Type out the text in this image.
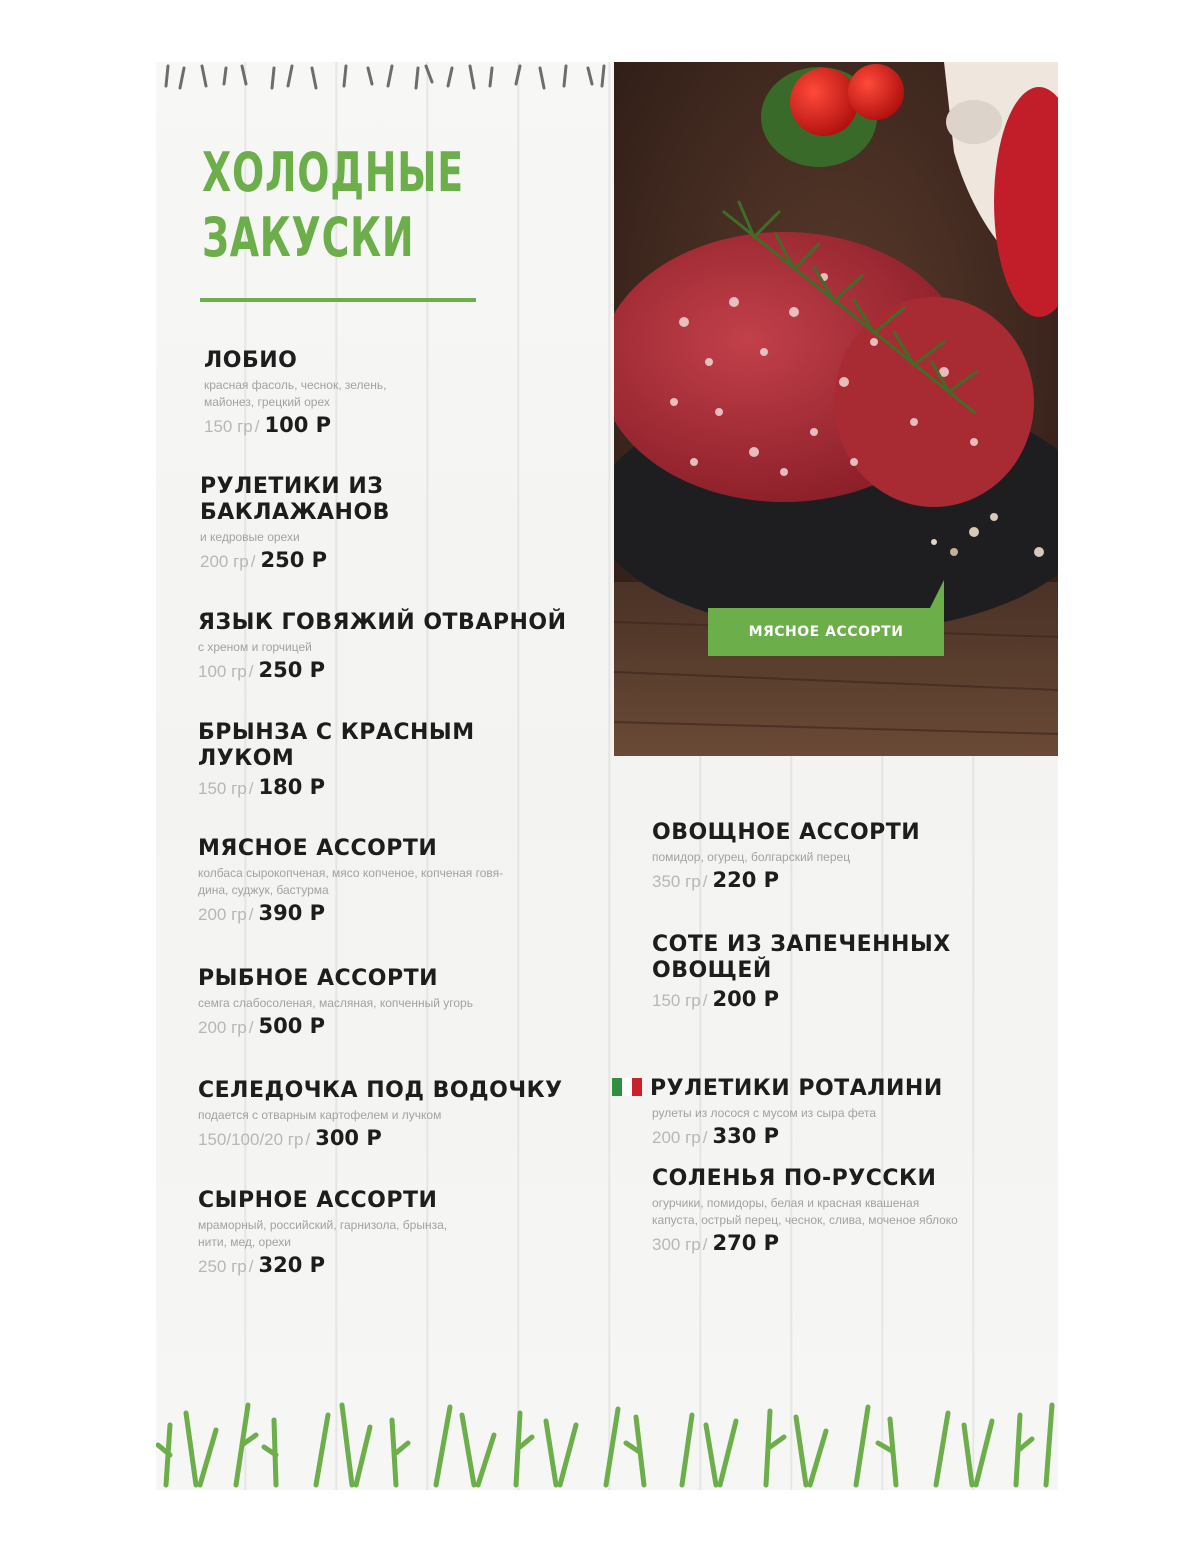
ХОЛОДНЫЕ
ЗАКУСКИ
ЛОБИО
красная фасоль, чеснок, зелень,
майонез, грецкий орех
150 гр / 100 Р
РУЛЕТИКИ ИЗ
БАКЛАЖАНОВ
и кедровые орехи
200 гр / 250 Р
ЯЗЫК ГОВЯЖИЙ ОТВАРНОЙ
с хреном и горчицей
100 гр / 250 Р
БРЫНЗА С КРАСНЫМ
ЛУКОМ
150 гр / 180 Р
МЯСНОЕ АССОРТИ
колбаса сырокопченая, мясо копченое, копченая говя-
дина, суджук, бастурма
200 гр / 390 Р
РЫБНОЕ АССОРТИ
семга слабосоленая, масляная, копченный угорь
200 гр / 500 Р
СЕЛЕДОЧКА ПОД ВОДОЧКУ
подается с отварным картофелем и лучком
150/100/20 гр / 300 Р
СЫРНОЕ АССОРТИ
мраморный, российский, гарнизола, брынза,
нити, мед, орехи
250 гр / 320 Р
МЯСНОЕ АССОРТИ
ОВОЩНОЕ АССОРТИ
помидор, огурец, болгарский перец
350 гр / 220 Р
СОТЕ ИЗ ЗАПЕЧЕННЫХ
ОВОЩЕЙ
150 гр / 200 Р

РУЛЕТИКИ РОТАЛИНИ

рулеты из лосося с мусом из сыра фета
200 гр / 330 Р
СОЛЕНЬЯ ПО-РУССКИ
огурчики, помидоры, белая и красная квашеная
капуста, острый перец, чеснок, слива, моченое яблоко
300 гр / 270 Р
